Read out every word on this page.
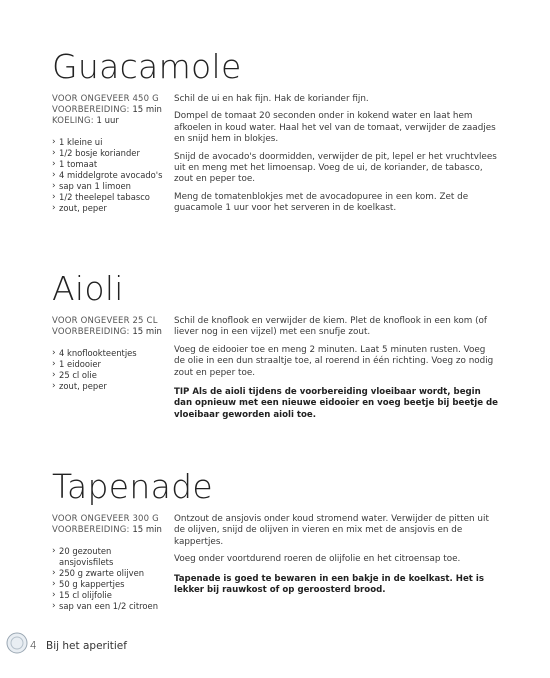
Guacamole
VOOR ONGEVEER 450 G
VOORBEREIDING: 15 min
KOELING: 1 uur
› 1 kleine ui
› 1/2 bosje koriander
› 1 tomaat
› 4 middelgrote avocado's
› sap van 1 limoen
› 1/2 theelepel tabasco
› zout, peper

Schil de ui en hak fijn. Hak de koriander fijn.

Dompel de tomaat 20 seconden onder in kokend water en laat hem afkoelen in koud water. Haal het vel van de tomaat, verwijder de zaadjes en snijd hem in blokjes.

Snijd de avocado's doormidden, verwijder de pit, lepel er het vruchtvlees uit en meng met het limoensap. Voeg de ui, de koriander, de tabasco, zout en peper toe.

Meng de tomatenblokjes met de avocadopuree in een kom. Zet de guacamole 1 uur voor het serveren in de koelkast.

Aioli
VOOR ONGEVEER 25 CL
VOORBEREIDING: 15 min
› 4 knoflookteentjes
› 1 eidooier
› 25 cl olie
› zout, peper

Schil de knoflook en verwijder de kiem. Plet de knoflook in een kom (of liever nog in een vijzel) met een snufje zout.

Voeg de eidooier toe en meng 2 minuten. Laat 5 minuten rusten. Voeg de olie in een dun straaltje toe, al roerend in één richting. Voeg zo nodig zout en peper toe.

TIP Als de aioli tijdens de voorbereiding vloeibaar wordt, begin dan opnieuw met een nieuwe eidooier en voeg beetje bij beetje de vloeibaar geworden aioli toe.

Tapenade
VOOR ONGEVEER 300 G
VOORBEREIDING: 15 min
› 20 gezouten
ansjovisfilets
› 250 g zwarte olijven
› 50 g kappertjes
› 15 cl olijfolie
› sap van een 1/2 citroen

Ontzout de ansjovis onder koud stromend water. Verwijder de pitten uit de olijven, snijd de olijven in vieren en mix met de ansjovis en de kappertjes.

Voeg onder voortdurend roeren de olijfolie en het citroensap toe.

Tapenade is goed te bewaren in een bakje in de koelkast. Het is lekker bij rauwkost of op geroosterd brood.

4 Bij het aperitief
